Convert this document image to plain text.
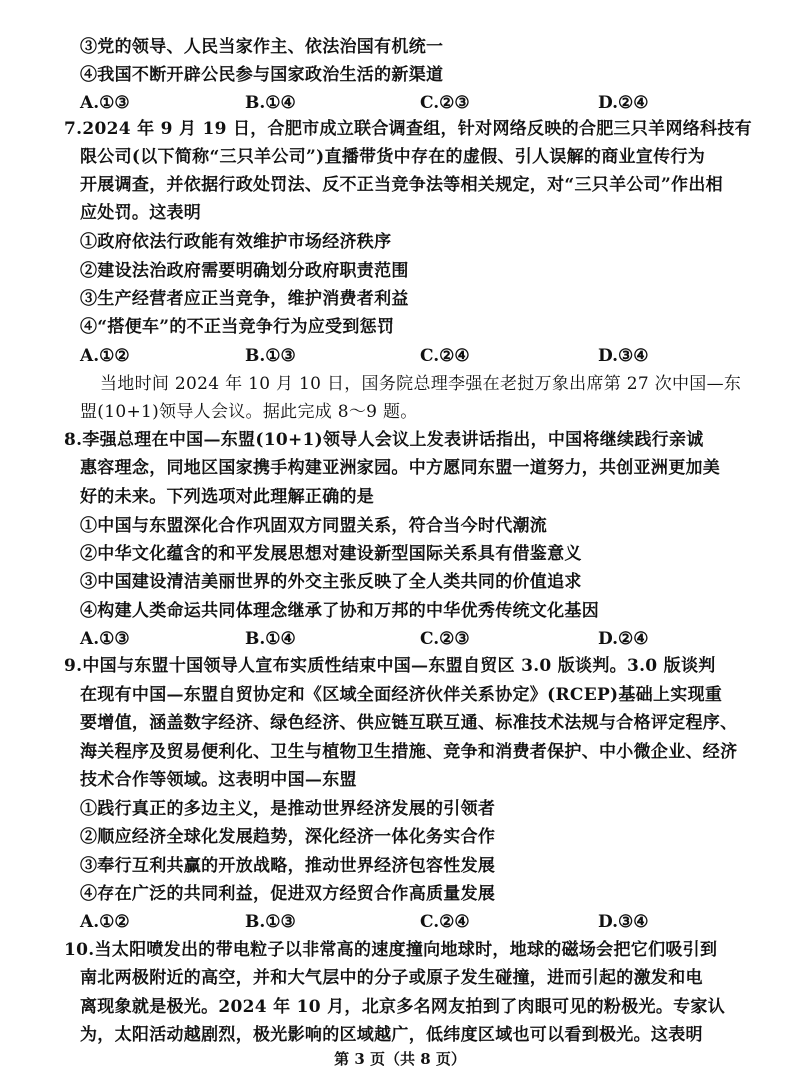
③党的领导、人民当家作主、依法治国有机统一
④我国不断开辟公民参与国家政治生活的新渠道
A.①③	B.①④	C.②③	D.②④
7.2024 年 9 月 19 日，合肥市成立联合调查组，针对网络反映的合肥三只羊网络科技有
限公司(以下简称“三只羊公司”)直播带货中存在的虚假、引人误解的商业宣传行为
开展调查，并依据行政处罚法、反不正当竞争法等相关规定，对“三只羊公司”作出相
应处罚。这表明
①政府依法行政能有效维护市场经济秩序
②建设法治政府需要明确划分政府职责范围
③生产经营者应正当竞争，维护消费者利益
④“搭便车”的不正当竞争行为应受到惩罚
A.①②	B.①③	C.②④	D.③④
当地时间 2024 年 10 月 10 日，国务院总理李强在老挝万象出席第 27 次中国—东
盟(10+1)领导人会议。据此完成 8～9 题。
8.李强总理在中国—东盟(10+1)领导人会议上发表讲话指出，中国将继续践行亲诚
惠容理念，同地区国家携手构建亚洲家园。中方愿同东盟一道努力，共创亚洲更加美
好的未来。下列选项对此理解正确的是
①中国与东盟深化合作巩固双方同盟关系，符合当今时代潮流
②中华文化蕴含的和平发展思想对建设新型国际关系具有借鉴意义
③中国建设清洁美丽世界的外交主张反映了全人类共同的价值追求
④构建人类命运共同体理念继承了协和万邦的中华优秀传统文化基因
A.①③	B.①④	C.②③	D.②④
9.中国与东盟十国领导人宣布实质性结束中国—东盟自贸区 3.0 版谈判。3.0 版谈判
在现有中国—东盟自贸协定和《区域全面经济伙伴关系协定》(RCEP)基础上实现重
要增值，涵盖数字经济、绿色经济、供应链互联互通、标准技术法规与合格评定程序、
海关程序及贸易便利化、卫生与植物卫生措施、竞争和消费者保护、中小微企业、经济
技术合作等领域。这表明中国—东盟
①践行真正的多边主义，是推动世界经济发展的引领者
②顺应经济全球化发展趋势，深化经济一体化务实合作
③奉行互利共赢的开放战略，推动世界经济包容性发展
④存在广泛的共同利益，促进双方经贸合作高质量发展
A.①②	B.①③	C.②④	D.③④
10.当太阳喷发出的带电粒子以非常高的速度撞向地球时，地球的磁场会把它们吸引到
南北两极附近的高空，并和大气层中的分子或原子发生碰撞，进而引起的激发和电
离现象就是极光。2024 年 10 月，北京多名网友拍到了肉眼可见的粉极光。专家认
为，太阳活动越剧烈，极光影响的区域越广，低纬度区域也可以看到极光。这表明
第 3 页（共 8 页）
